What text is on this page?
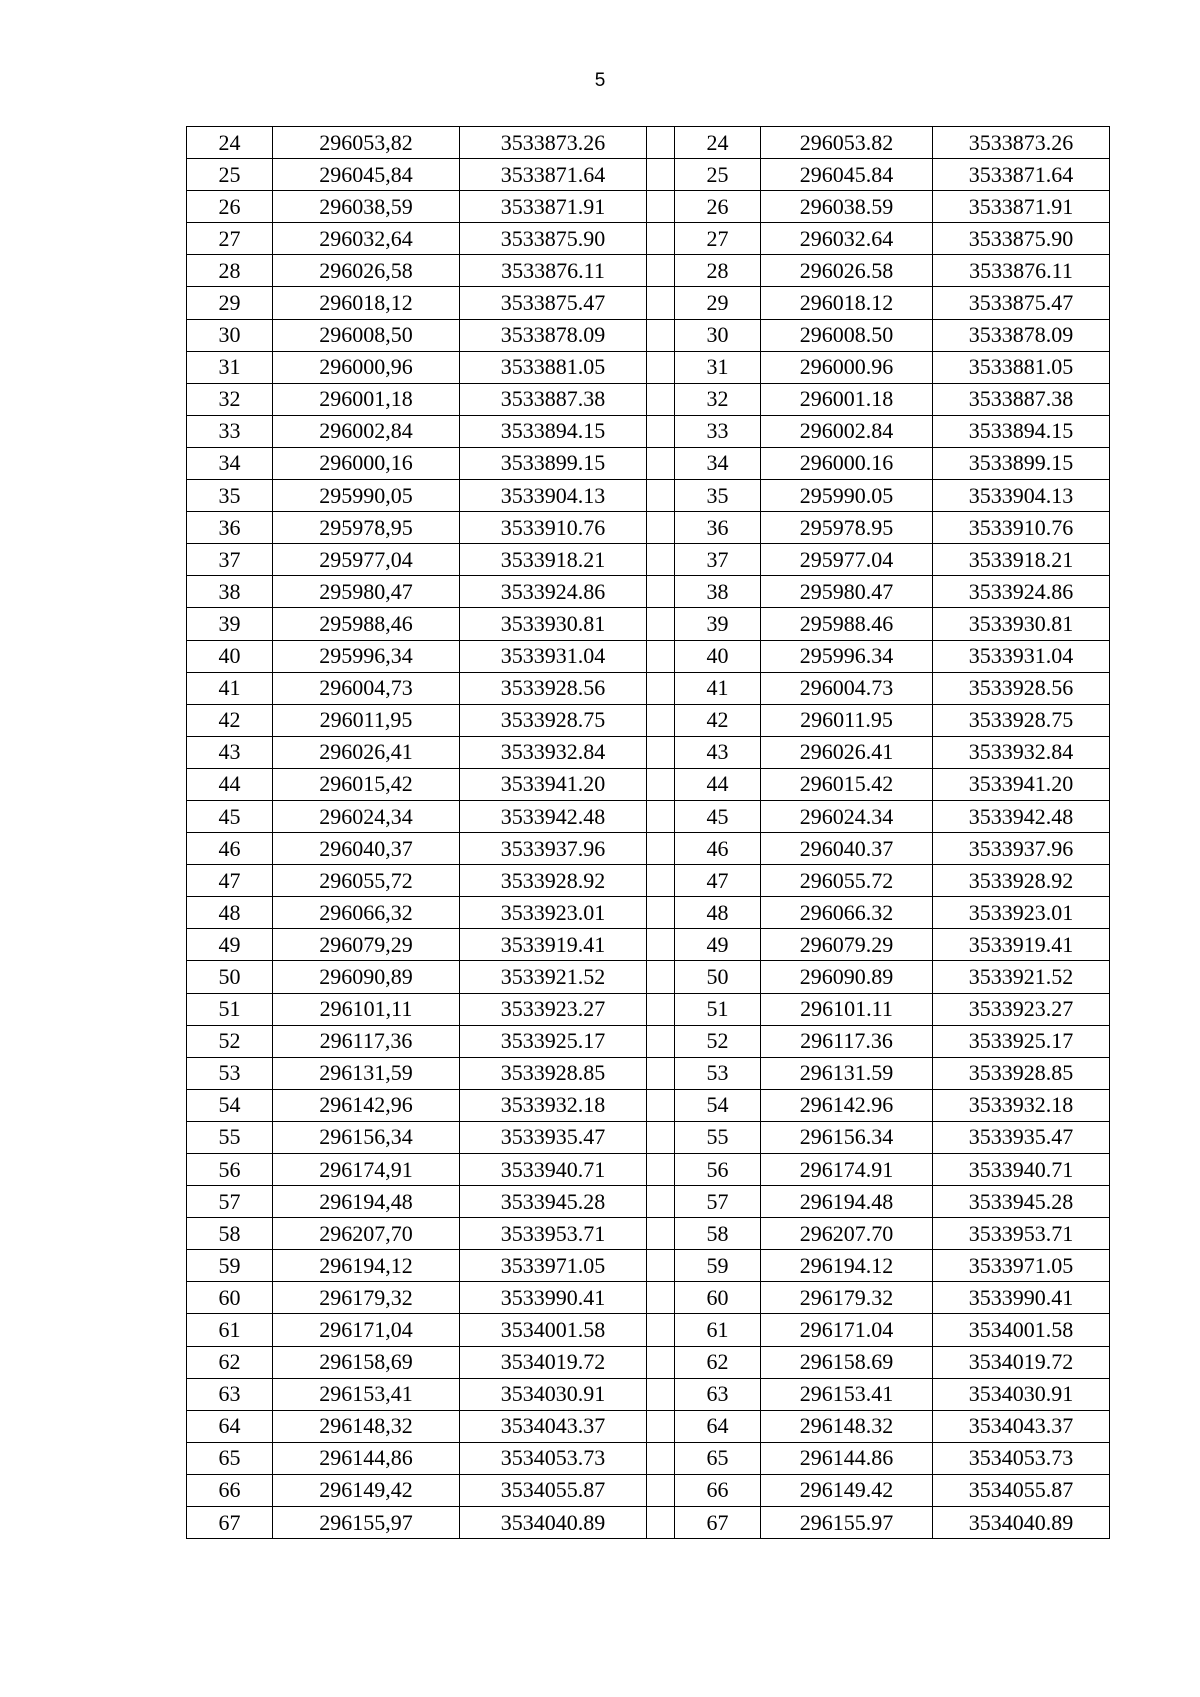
5
24	296053,82	3533873.26		24	296053.82	3533873.26
25	296045,84	3533871.64		25	296045.84	3533871.64
26	296038,59	3533871.91		26	296038.59	3533871.91
27	296032,64	3533875.90		27	296032.64	3533875.90
28	296026,58	3533876.11		28	296026.58	3533876.11
29	296018,12	3533875.47		29	296018.12	3533875.47
30	296008,50	3533878.09		30	296008.50	3533878.09
31	296000,96	3533881.05		31	296000.96	3533881.05
32	296001,18	3533887.38		32	296001.18	3533887.38
33	296002,84	3533894.15		33	296002.84	3533894.15
34	296000,16	3533899.15		34	296000.16	3533899.15
35	295990,05	3533904.13		35	295990.05	3533904.13
36	295978,95	3533910.76		36	295978.95	3533910.76
37	295977,04	3533918.21		37	295977.04	3533918.21
38	295980,47	3533924.86		38	295980.47	3533924.86
39	295988,46	3533930.81		39	295988.46	3533930.81
40	295996,34	3533931.04		40	295996.34	3533931.04
41	296004,73	3533928.56		41	296004.73	3533928.56
42	296011,95	3533928.75		42	296011.95	3533928.75
43	296026,41	3533932.84		43	296026.41	3533932.84
44	296015,42	3533941.20		44	296015.42	3533941.20
45	296024,34	3533942.48		45	296024.34	3533942.48
46	296040,37	3533937.96		46	296040.37	3533937.96
47	296055,72	3533928.92		47	296055.72	3533928.92
48	296066,32	3533923.01		48	296066.32	3533923.01
49	296079,29	3533919.41		49	296079.29	3533919.41
50	296090,89	3533921.52		50	296090.89	3533921.52
51	296101,11	3533923.27		51	296101.11	3533923.27
52	296117,36	3533925.17		52	296117.36	3533925.17
53	296131,59	3533928.85		53	296131.59	3533928.85
54	296142,96	3533932.18		54	296142.96	3533932.18
55	296156,34	3533935.47		55	296156.34	3533935.47
56	296174,91	3533940.71		56	296174.91	3533940.71
57	296194,48	3533945.28		57	296194.48	3533945.28
58	296207,70	3533953.71		58	296207.70	3533953.71
59	296194,12	3533971.05		59	296194.12	3533971.05
60	296179,32	3533990.41		60	296179.32	3533990.41
61	296171,04	3534001.58		61	296171.04	3534001.58
62	296158,69	3534019.72		62	296158.69	3534019.72
63	296153,41	3534030.91		63	296153.41	3534030.91
64	296148,32	3534043.37		64	296148.32	3534043.37
65	296144,86	3534053.73		65	296144.86	3534053.73
66	296149,42	3534055.87		66	296149.42	3534055.87
67	296155,97	3534040.89		67	296155.97	3534040.89
